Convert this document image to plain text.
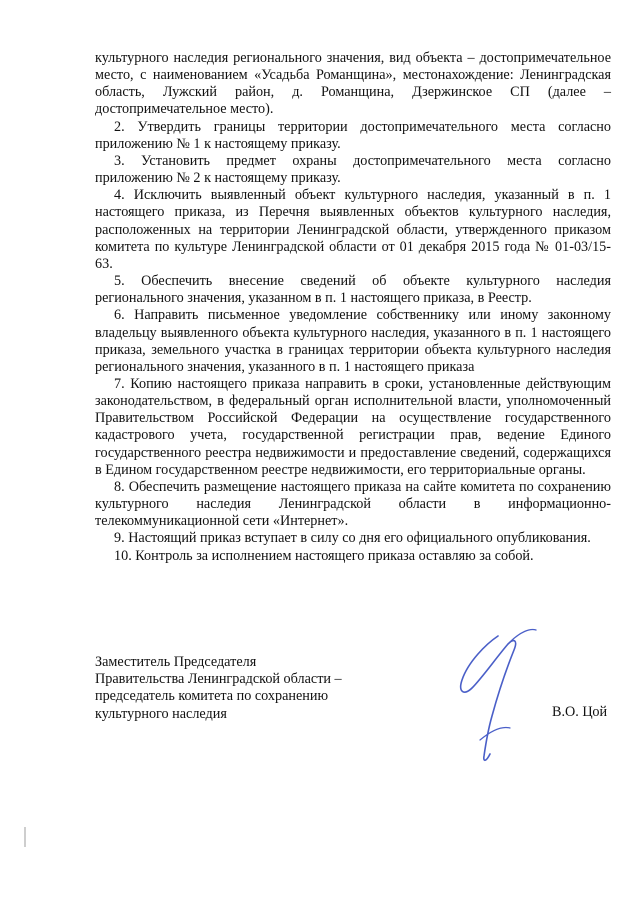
культурного наследия регионального значения, вид объекта – достопримечательное место, с наименованием «Усадьба Романщина», местонахождение: Ленинградская область, Лужский район, д. Романщина, Дзержинское СП (далее – достопримечательное место).

2. Утвердить границы территории достопримечательного места согласно приложению № 1 к настоящему приказу.

3. Установить предмет охраны достопримечательного места согласно приложению № 2 к настоящему приказу.

4. Исключить выявленный объект культурного наследия, указанный в п. 1 настоящего приказа, из Перечня выявленных объектов культурного наследия, расположенных на территории Ленинградской области, утвержденного приказом комитета по культуре Ленинградской области от 01 декабря 2015 года № 01-03/15-63.

5. Обеспечить внесение сведений об объекте культурного наследия регионального значения, указанном в п. 1 настоящего приказа, в Реестр.

6. Направить письменное уведомление собственнику или иному законному владельцу выявленного объекта культурного наследия, указанного в п. 1 настоящего приказа, земельного участка в границах территории объекта культурного наследия регионального значения, указанного в п. 1 настоящего приказа

7. Копию настоящего приказа направить в сроки, установленные действующим законодательством, в федеральный орган исполнительной власти, уполномоченный Правительством Российской Федерации на осуществление государственного кадастрового учета, государственной регистрации прав, ведение Единого государственного реестра недвижимости и предоставление сведений, содержащихся в Едином государственном реестре недвижимости, его территориальные органы.

8. Обеспечить размещение настоящего приказа на сайте комитета по сохранению культурного наследия Ленинградской области в информационно-телекоммуникационной сети «Интернет».

9. Настоящий приказ вступает в силу со дня его официального опубликования.

10. Контроль за исполнением настоящего приказа оставляю за собой.

Заместитель Председателя
Правительства Ленинградской области –
председатель комитета по сохранению
культурного наследия	В.О. Цой
